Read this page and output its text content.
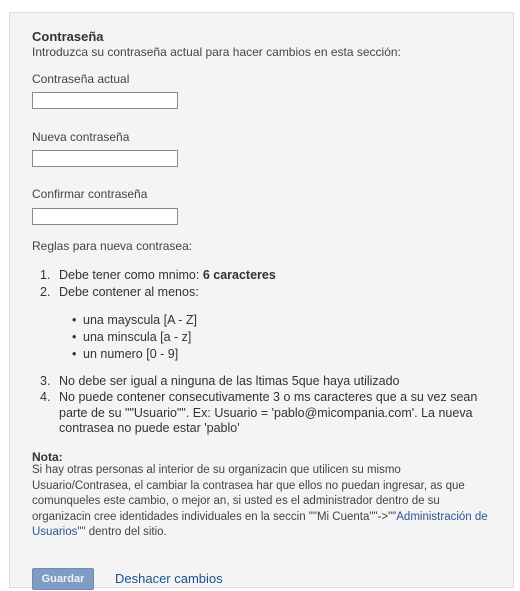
Contraseña

Introduzca su contraseña actual para hacer cambios en esta sección:

Contraseña actual

Nueva contraseña

Confirmar contraseña

Reglas para nueva contrasea:
1. Debe tener como mnimo: 6 caracteres
2. Debe contener al menos:
• una mayscula [A - Z]
• una minscula [a - z]
• un numero [0 - 9]
3. No debe ser igual a ninguna de las ltimas 5que haya utilizado
4. No puede contener consecutivamente 3 o ms caracteres que a su vez sean parte de su ""Usuario"". Ex: Usuario = 'pablo@micompania.com'. La nueva contrasea no puede estar 'pablo'
Nota:
Si hay otras personas al interior de su organizacin que utilicen su mismo Usuario/Contrasea, el cambiar la contrasea har que ellos no puedan ingresar, as que comunqueles este cambio, o mejor an, si usted es el administrador dentro de su organizacin cree identidades individuales en la seccin ""Mi Cuenta""->""Administración de Usuarios"" dentro del sitio.
Guardar	Deshacer cambios
